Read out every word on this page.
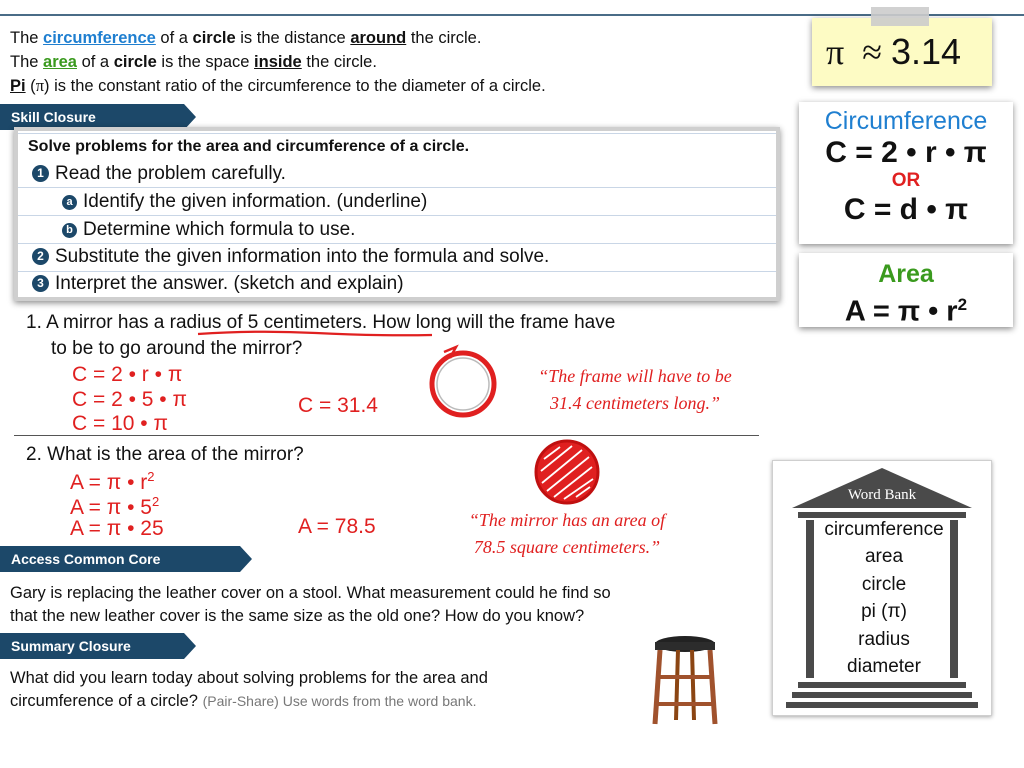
The circumference of a circle is the distance around the circle.
The area of a circle is the space inside the circle.
Pi (π) is the constant ratio of the circumference to the diameter of a circle.
π ≈ 3.14
Skill Closure
Solve problems for the area and circumference of a circle.
1 Read the problem carefully.
a Identify the given information. (underline)
b Determine which formula to use.
2 Substitute the given information into the formula and solve.
3 Interpret the answer. (sketch and explain)
Circumference
C = 2 • r • π
OR
C = d • π
Area
A = π • $r^2$
1. A mirror has a radius of 5 centimeters. How long will the frame have
to be to go around the mirror?
C = 2 • r • π
C = 2 • 5 • π
C = 10 • π
C = 31.4
“The frame will have to be
31.4 centimeters long.”
2. What is the area of the mirror?
A = π • $r^2$
A = π • $5^2$
A = π • 25	A = 78.5	“The mirror has an area of
78.5 square centimeters.”
Access Common Core
Gary is replacing the leather cover on a stool. What measurement could he find so
that the new leather cover is the same size as the old one? How do you know?
Summary Closure
What did you learn today about solving problems for the area and
circumference of a circle? (Pair-Share) Use words from the word bank.
Word Bank
circumference
area
circle
pi (π)
radius
diameter
